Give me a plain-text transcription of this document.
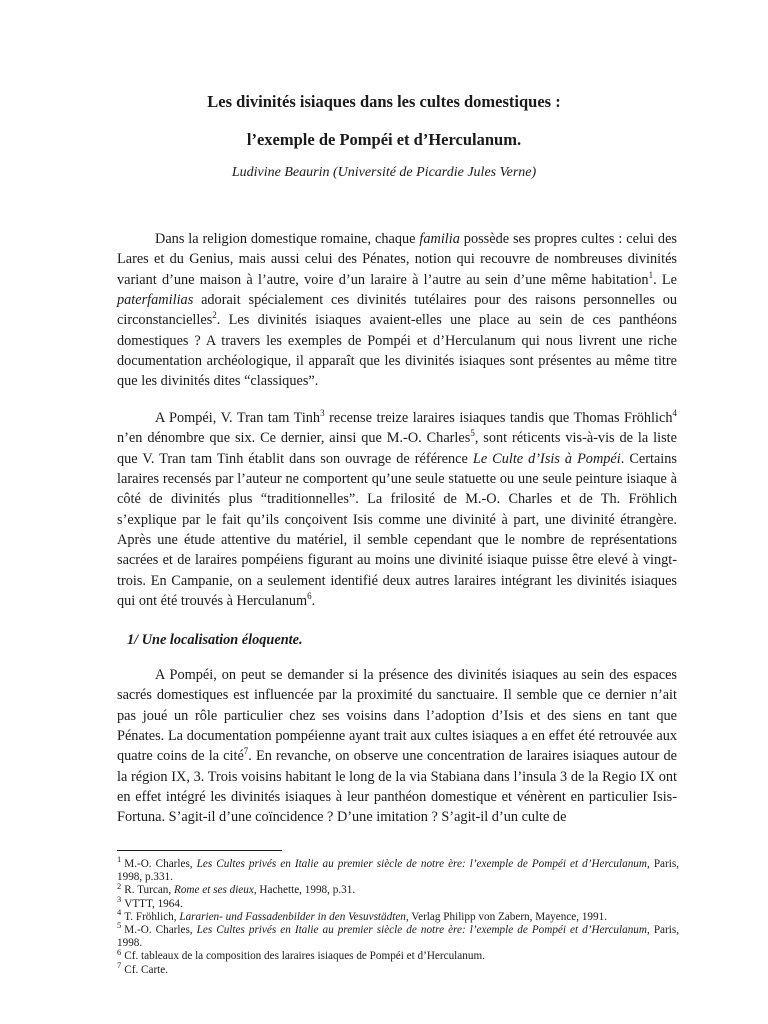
Les divinités isiaques dans les cultes domestiques :
l’exemple de Pompéi et d’Herculanum.
Ludivine Beaurin (Université de Picardie Jules Verne)

Dans la religion domestique romaine, chaque familia possède ses propres cultes : celui des Lares et du Genius, mais aussi celui des Pénates, notion qui recouvre de nombreuses divinités variant d’une maison à l’autre, voire d’un laraire à l’autre au sein d’une même habitation$^1$. Le paterfamilias adorait spécialement ces divinités tutélaires pour des raisons personnelles ou circonstancielles$^2$. Les divinités isiaques avaient-elles une place au sein de ces panthéons domestiques ? A travers les exemples de Pompéi et d’Herculanum qui nous livrent une riche documentation archéologique, il apparaît que les divinités isiaques sont présentes au même titre que les divinités dites “classiques”.

A Pompéi, V. Tran tam Tinh$^3$ recense treize laraires isiaques tandis que Thomas Fröhlich$^4$ n’en dénombre que six. Ce dernier, ainsi que M.-O. Charles$^5$, sont réticents vis-à-vis de la liste que V. Tran tam Tinh établit dans son ouvrage de référence Le Culte d’Isis à Pompéi. Certains laraires recensés par l’auteur ne comportent qu’une seule statuette ou une seule peinture isiaque à côté de divinités plus “traditionnelles”. La frilosité de M.-O. Charles et de Th. Fröhlich s’explique par le fait qu’ils conçoivent Isis comme une divinité à part, une divinité étrangère. Après une étude attentive du matériel, il semble cependant que le nombre de représentations sacrées et de laraires pompéiens figurant au moins une divinité isiaque puisse être elevé à vingt-trois. En Campanie, on a seulement identifié deux autres laraires intégrant les divinités isiaques qui ont été trouvés à Herculanum$^6$.

1/ Une localisation éloquente.

A Pompéi, on peut se demander si la présence des divinités isiaques au sein des espaces sacrés domestiques est influencée par la proximité du sanctuaire. Il semble que ce dernier n’ait pas joué un rôle particulier chez ses voisins dans l’adoption d’Isis et des siens en tant que Pénates. La documentation pompéienne ayant trait aux cultes isiaques a en effet été retrouvée aux quatre coins de la cité$^7$. En revanche, on observe une concentration de laraires isiaques autour de la région IX, 3. Trois voisins habitant le long de la via Stabiana dans l’insula 3 de la Regio IX ont en effet intégré les divinités isiaques à leur panthéon domestique et vénèrent en particulier Isis-Fortuna. S’agit-il d’une coïncidence ? D’une imitation ? S’agit-il d’un culte de

$^1$ M.-O. Charles, Les Cultes privés en Italie au premier siècle de notre ère: l’exemple de Pompéi et d’Herculanum, Paris, 1998, p.331.
$^2$ R. Turcan, Rome et ses dieux, Hachette, 1998, p.31.
$^3$ VTTT, 1964.
$^4$ T. Fröhlich, Lararien- und Fassadenbilder in den Vesuvstädten, Verlag Philipp von Zabern, Mayence, 1991.
$^5$ M.-O. Charles, Les Cultes privés en Italie au premier siècle de notre ère: l’exemple de Pompéi et d’Herculanum, Paris, 1998.
$^6$ Cf. tableaux de la composition des laraires isiaques de Pompéi et d’Herculanum.
$^7$ Cf. Carte.
